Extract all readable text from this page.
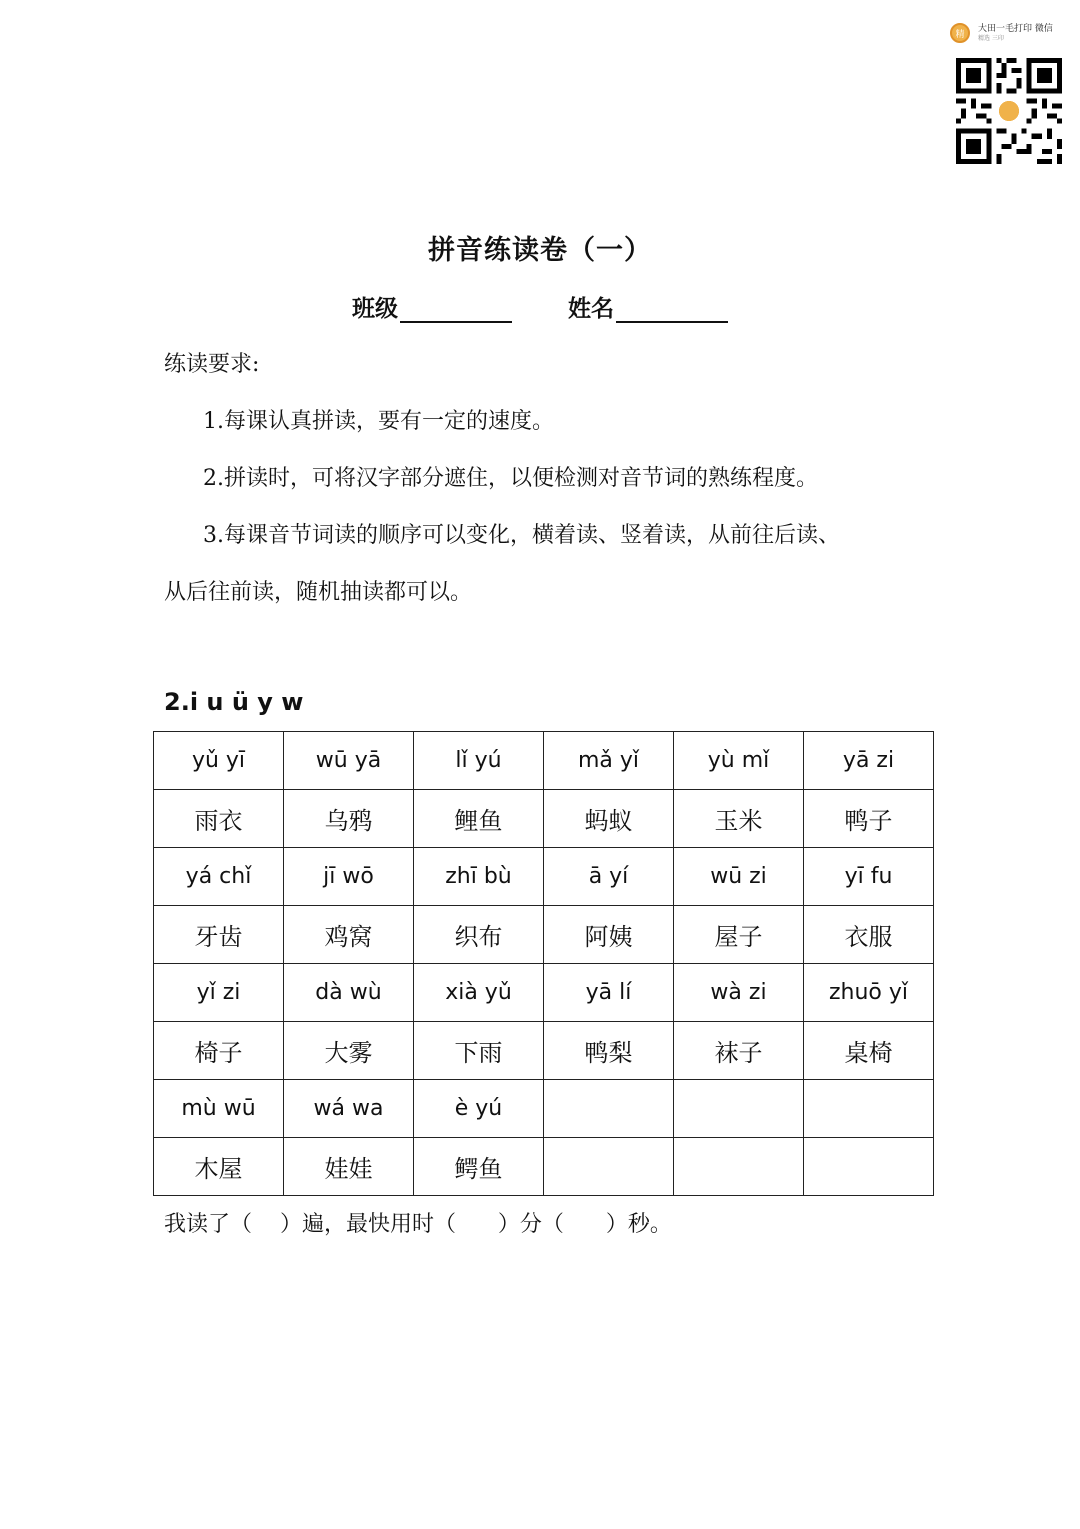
精
大田一毛打印 微信
精选 三印
拼音练读卷（一）
班级	姓名
练读要求:
1.每课认真拼读，要有一定的速度。
2.拼读时，可将汉字部分遮住，以便检测对音节词的熟练程度。
3.每课音节词读的顺序可以变化，横着读、竖着读，从前往后读、
从后往前读，随机抽读都可以。
2.i u ü y w
yǔ yī	wū yā	lǐ yú	mǎ yǐ	yù mǐ	yā zi
雨衣	乌鸦	鲤鱼	蚂蚁	玉米	鸭子
yá chǐ	jī wō	zhī bù	ā yí	wū zi	yī fu
牙齿	鸡窝	织布	阿姨	屋子	衣服
yǐ zi	dà wù	xià yǔ	yā lí	wà zi	zhuō yǐ
椅子	大雾	下雨	鸭梨	袜子	桌椅
mù wū	wá wa	è yú			
木屋	娃娃	鳄鱼			
我读了（    ）遍，最快用时（      ）分（      ）秒。
